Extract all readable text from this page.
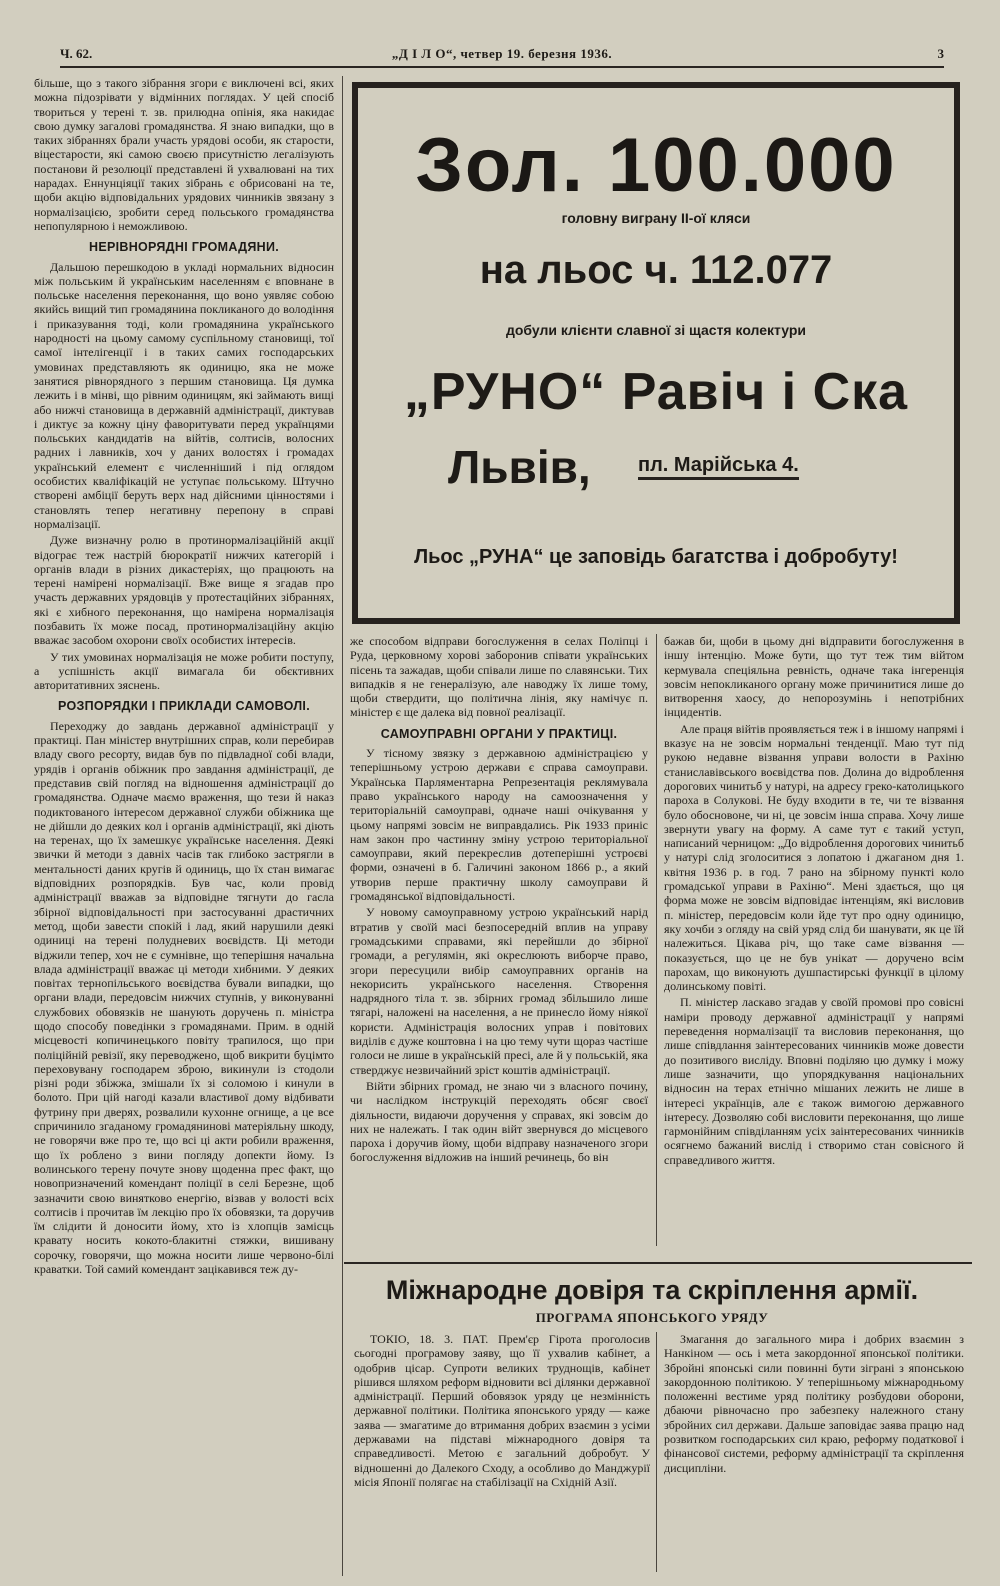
Ч. 62.	„Д І Л О“, четвер 19. березня 1936.	3

більше, що з такого зібрання згори є виключені всі, яких можна підозрівати у відмінних поглядах. У цей спосіб твориться у терені т. зв. прилюдна опінія, яка накидає свою думку загалові громадянства. Я знаю випадки, що в таких зібраннях брали участь урядові особи, як старости, віцестарости, які самою своєю присутністю легалізують постанови й резолюції представлені й ухвалювані на тих нарадах. Еннунціяції таких зібрань є обрисовані на те, щоби акцію відповідальних урядових чинників звязану з нормалізацією, зробити серед польського громадянства непопулярною і неможливою.

НЕРІВНОРЯДНІ ГРОМАДЯНИ.

Дальшою перешкодою в укладі нормальних відносин між польським й українським населенням є вповнане в польське населення переконання, що воно уявляє собою якийсь вищий тип громадянина покликаного до володіння і приказування тоді, коли громадянина українського народності на цьому самому суспільному становищі, тої самої інтелігенції і в таких самих господарських умовинах представляють як одиницю, яка не може занятися рівнорядного з першим становища. Ця думка лежить і в мінві, що рівним одиницям, які займають вищі або нижчі становища в державній адміністрації, диктував і диктує за кожну ціну фаворитувати перед українцями польських кандидатів на війтів, солтисів, волосних радних і лавників, хоч у даних волостях і громадах український елемент є численніший і під оглядом особистих кваліфікацій не уступає польському. Штучно створені амбіції беруть верх над дійсними цінностями і становлять тепер негативну перепону в справі нормалізації.

Дуже визначну ролю в протинормалізаційній акції відограє теж настрій бюрократії нижчих категорій і органів влади в різних дикастеріях, що працюють на терені намірені нормалізації. Вже вище я згадав про участь державних урядовців у протестаційних зібраннях, які є хибного переконання, що намірена нормалізація позбавить їх може посад, протинормалізаційну акцію вважає засобом охорони своїх особистих інтересів.

У тих умовинах нормалізація не може робити поступу, а успішність акції вимагала би обєктивних авторитативних зяснень.

РОЗПОРЯДКИ І ПРИКЛАДИ САМОВОЛІ.

Переходжу до завдань державної адміністрації у практиці. Пан міністер внутрішних справ, коли перебирав владу свого ресорту, видав був по підвладної собі влади, урядів і органів обіжник про завдання адміністрації, де представив свій погляд на відношення адміністрації до громадянства. Одначе маємо враження, що тези й наказ подиктованого інтересом державної служби обіжника ще не дійшли до деяких кол і органів адміністрації, які діють на теренах, що їх замешкує українське населення. Деякі звички й методи з давніх часів так глибоко застрягли в ментальності даних кругів й одиниць, що їх стан вимагає відповідних розпорядків. Був час, коли провід адміністрації вважав за відповідне тягнути до гасла збірної відповідальності при застосуванні драстичних метод, щоби завести спокій і лад, який нарушили деякі одиниці на терені полудневих воєвідств. Ці методи віджили тепер, хоч не є сумнівне, що теперішня начальна влада адміністрації вважає ці методи хибними. У деяких повітах тернопільського воєвідства бували випадки, що органи влади, передовсім нижчих ступнів, у виконуванні службових обовязків не шанують доручень п. міністра щодо способу поведінки з громадянами. Прим. в одній місцевості копичинецького повіту трапилося, що при поліційній ревізії, яку переводжено, щоб викрити буцімто переховувану господарем зброю, викинули із стодоли різні роди збіжжа, змішали їх зі соломою і кинули в болото. При цій нагоді казали властивої дому відбивати футрину при дверях, розвалили кухонне огнище, а це все спричинило згаданому громадянинові матеріяльну шкоду, не говорячи вже про те, що всі ці акти робили враження, що їх роблено з вини погляду допекти йому. Із волинського терену почуте знову щоденна прес факт, що новопризначений комендант поліції в селі Березне, щоб зазначити свою винятково енергію, візвав у волості всіх солтисів і прочитав їм лекцію про їх обовязки, та доручив їм слідити й доносити йому, хто із хлопців замісць кравату носить кокото-блакитні стяжки, вишивану сорочку, говорячи, що можна носити лише червоно-білі краватки. Той самий комендант зацікавився теж ду-

Зол. 100.000
головну виграну ІІ-ої кляси
на льос ч. 112.077
добули клієнти славної зі щастя колектури
„РУНО“ Равіч і Ска
Львів, пл. Марійська 4.
Льос „РУНА“ це заповідь багатства і добробуту!

же способом відправи богослуження в селах Поліпці і Руда, церковному хорові заборонив співати українських пісень та зажадав, щоби співали лише по славянськи. Тих випадків я не генералізую, але наводжу їх лише тому, щоби ствердити, що політична лінія, яку намічує п. міністер є ще далека від повної реалізації.

САМОУПРАВНІ ОРГАНИ У ПРАКТИЦІ.

У тісному звязку з державною адміністрацією у теперішньому устрою держави є справа самоуправи. Українська Парляментарна Репрезентація реклямувала право українського народу на самоозначення у територіальній самоуправі, одначе наші очікування у цьому напрямі зовсім не виправдались. Рік 1933 приніс нам закон про частинну зміну устрою територіальної самоуправи, який перекреслив дотеперішні устроєві форми, означені в б. Галичині законом 1866 р., а який утворив перше практичну школу самоуправи й громадянської відповідальності.

У новому самоуправному устрою український нарід втратив у своїй масі безпосередній вплив на управу громадськими справами, які перейшли до збірної громади, а регулямін, які окреслюють виборче право, згори пересуцили вибір самоуправних органів на некорисить українського населення. Створення надрядного тіла т. зв. збірних громад збільшило лише тягарі, наложені на населення, а не принесло йому ніякої користи. Адміністрація волосних управ і повітових виділів є дуже коштовна і на цю тему чути щораз частіше голоси не лише в українській пресі, але й у польській, яка стверджує незвичайний зріст коштів адміністрації.

Війти збірних громад, не знаю чи з власного почину, чи наслідком інструкцій переходять обсяг своєї діяльности, видаючи доручення у справах, які зовсім до них не належать. І так один війт звернувся до місцевого пароха і доручив йому, щоби відправу назначеного згори богослуження відложив на інший речинець, бо він

бажав би, щоби в цьому дні відправити богослуження в іншу інтенцію. Може бути, що тут теж тим війтом кермувала спеціяльна ревність, одначе така інгеренція зовсім непокликаного органу може причинитися лише до витворення хаосу, до непорозумінь і непотрібних інцидентів.

Але праця війтів проявляється теж і в іншому напрямі і вказує на не зовсім нормальні тенденції. Маю тут під рукою недавне візвання управи волости в Рахіню станиславівського воєвідства пов. Долина до відроблення дорогових чинитьб у натурі, на адресу греко-католицького пароха в Солукові. Не буду входити в те, чи те візвання було обосновоне, чи ні, це зовсім інша справа. Хочу лише звернути увагу на форму. А саме тут є такий уступ, написаний черницом: „До відроблення дорогових чинитьб у натурі слід зголоситися з лопатою і джаганом дня 1. квітня 1936 р. в год. 7 рано на збірному пункті коло громадської управи в Рахіню“. Мені здається, що ця форма може не зовсім відповідає інтенціям, які висловив п. міністер, передовсім коли йде тут про одну одиницю, яку хочби з огляду на свій уряд слід би шанувати, як це їй належиться. Цікава річ, що таке саме візвання — показується, що це не був унікат — дорученo всім парохам, що виконують душпастирські функції в цілому долинському повіті.

П. міністер ласкаво згадав у своїй промові про совісні наміри проводу державної адміністрації у напрямі переведення нормалізації та висловив переконання, що лише співдлання заінтересованих чинників може довести до позитивого висліду. Вповні поділяю цю думку і можу лише зазначити, що упорядкування національних відносин на терах етнічно мішаних лежить не лише в інтересі українців, але є також вимогою державного інтересу. Дозволяю собі висловити переконання, що лише гармонійним співділанням усіх заінтересованих чинників осягнемо бажаний вислід і створимо стан совісного й справедливого життя.

Міжнародне довіря та скріплення армії.
ПРОГРАМА ЯПОНСЬКОГО УРЯДУ

ТОКІО, 18. 3. ПАТ. Прем'єр Гірота проголосив сьогодні програмову заяву, що її ухвалив кабінет, а одобрив цісар. Супроти великих труднощів, кабінет рішився шляхом реформ відновити всі ділянки державної адміністрації. Перший обовязок уряду це незмінність державної політики. Політика японського уряду — каже заява — змагатиме до втримання добрих взаємин з усіми державами на підставі міжнародного довіря та справедливості. Метою є загальний добробут. У відношенні до Далекого Сходу, а особливо до Манджурії місія Японії полягає на стабілізації на Східній Азії.

Змагання до загального мира і добрих взаємин з Нанкіном — ось і мета закордонної японської політики. Збройні японські сили повинні бути зіграні з японською закордонною політикою. У теперішньому міжнародньому положенні вестиме уряд політику розбудови оборони, дбаючи рівночасно про забезпеку належного стану збройних сил держави. Дальше заповідає заява працю над розвитком господарських сил краю, реформу податкової і фінансової системи, реформу адміністрації та скріплення дисципліни.
